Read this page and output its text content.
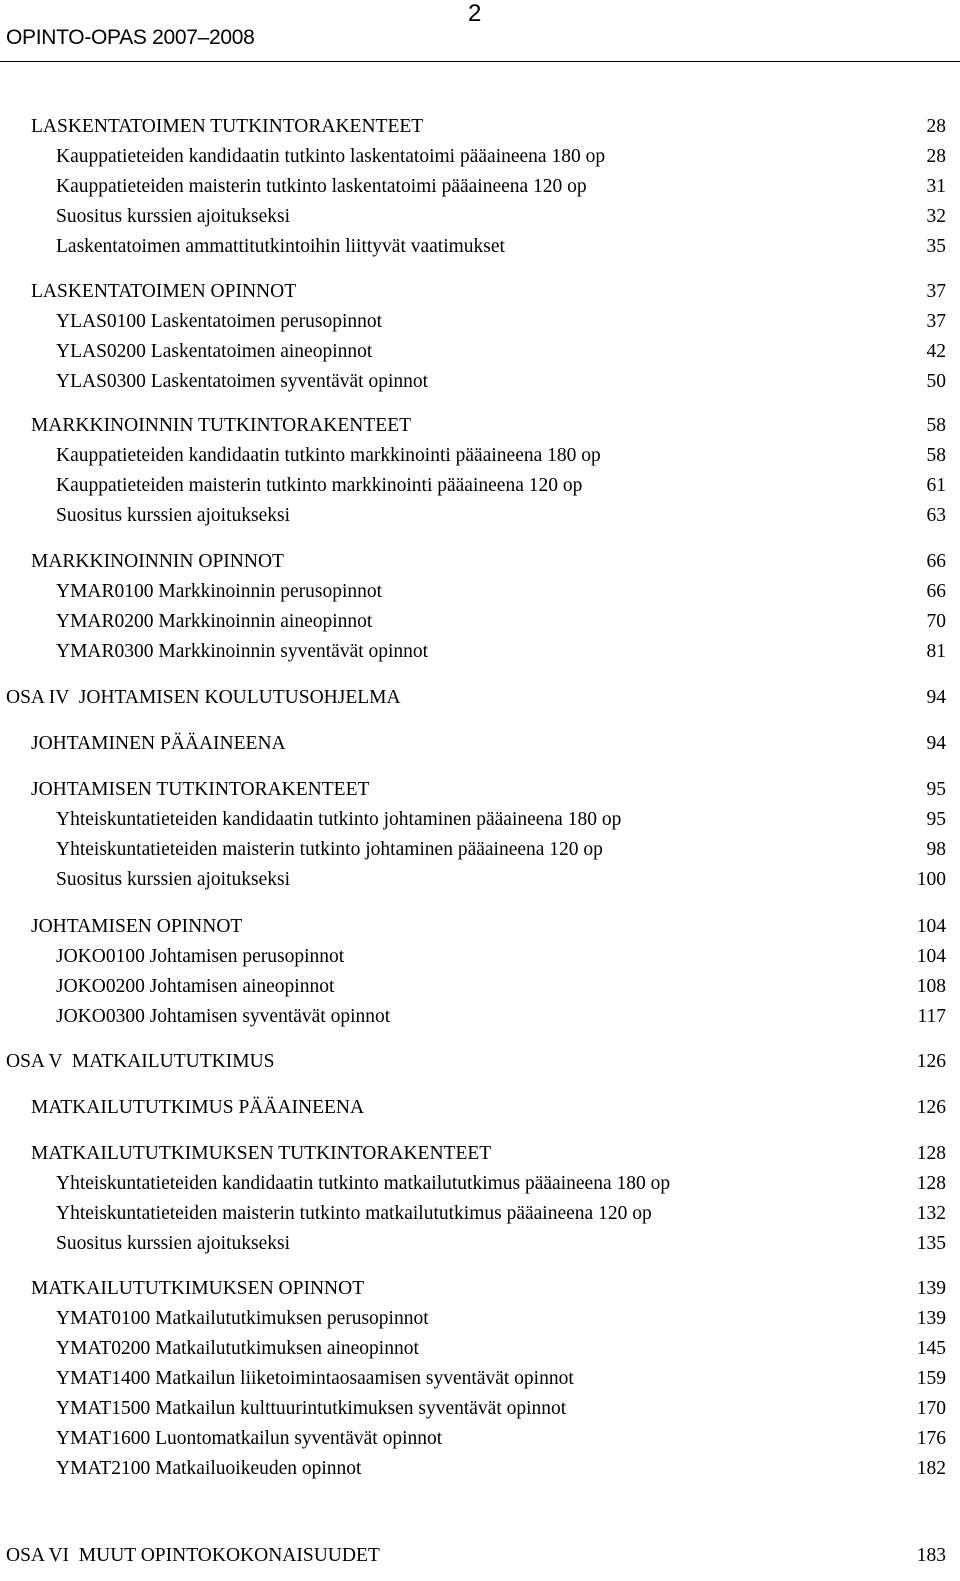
OPINTO-OPAS 2007–2008
2
LASKENTATOIMEN TUTKINTORAKENTEET	28
Kauppatieteiden kandidaatin tutkinto laskentatoimi pääaineena 180 op	28
Kauppatieteiden maisterin tutkinto laskentatoimi pääaineena 120 op	31
Suositus kurssien ajoitukseksi	32
Laskentatoimen ammattitutkintoihin liittyvät vaatimukset	35
LASKENTATOIMEN OPINNOT	37
YLAS0100 Laskentatoimen perusopinnot	37
YLAS0200 Laskentatoimen aineopinnot	42
YLAS0300 Laskentatoimen syventävät opinnot	50
MARKKINOINNIN TUTKINTORAKENTEET	58
Kauppatieteiden kandidaatin tutkinto markkinointi pääaineena 180 op	58
Kauppatieteiden maisterin tutkinto markkinointi pääaineena 120 op	61
Suositus kurssien ajoitukseksi	63
MARKKINOINNIN OPINNOT	66
YMAR0100 Markkinoinnin perusopinnot	66
YMAR0200 Markkinoinnin aineopinnot	70
YMAR0300 Markkinoinnin syventävät opinnot	81
OSA IV  JOHTAMISEN KOULUTUSOHJELMA	94
JOHTAMINEN PÄÄAINEENA	94
JOHTAMISEN TUTKINTORAKENTEET	95
Yhteiskuntatieteiden kandidaatin tutkinto johtaminen pääaineena 180 op	95
Yhteiskuntatieteiden maisterin tutkinto johtaminen pääaineena 120 op	98
Suositus kurssien ajoitukseksi	100
JOHTAMISEN OPINNOT	104
JOKO0100 Johtamisen perusopinnot	104
JOKO0200 Johtamisen aineopinnot	108
JOKO0300 Johtamisen syventävät opinnot	117
OSA V  MATKAILUTUTKIMUS	126
MATKAILUTUTKIMUS PÄÄAINEENA	126
MATKAILUTUTKIMUKSEN TUTKINTORAKENTEET	128
Yhteiskuntatieteiden kandidaatin tutkinto matkailututkimus pääaineena 180 op	128
Yhteiskuntatieteiden maisterin tutkinto matkailututkimus pääaineena 120 op	132
Suositus kurssien ajoitukseksi	135
MATKAILUTUTKIMUKSEN OPINNOT	139
YMAT0100 Matkailututkimuksen perusopinnot	139
YMAT0200 Matkailututkimuksen aineopinnot	145
YMAT1400 Matkailun liiketoimintaosaamisen syventävät opinnot	159
YMAT1500 Matkailun kulttuurintutkimuksen syventävät opinnot	170
YMAT1600 Luontomatkailun syventävät opinnot	176
YMAT2100 Matkailuoikeuden opinnot	182
OSA VI  MUUT OPINTOKOKONAISUUDET	183
